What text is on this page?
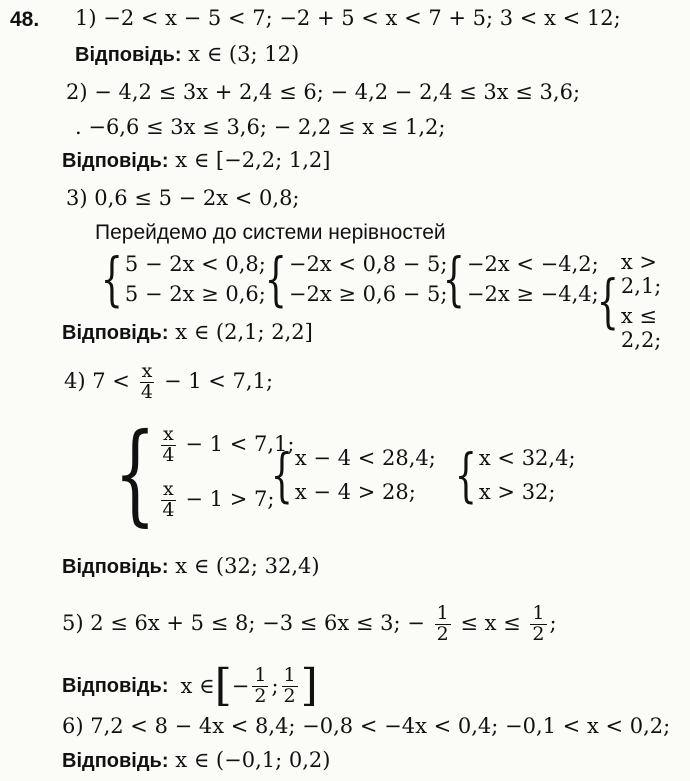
48. 1) −2 < x − 5 < 7; −2 + 5 < x < 7 + 5; 3 < x < 12;
Відповідь: x ∈ (3; 12)
2) − 4,2 ≤ 3x + 2,4 ≤ 6; − 4,2 − 2,4 ≤ 3x ≤ 3,6;
. −6,6 ≤ 3x ≤ 3,6; − 2,2 ≤ x ≤ 1,2;
Відповідь: x ∈ [−2,2; 1,2]
3) 0,6 ≤ 5 − 2x < 0,8;
Перейдемо до системи нерівностей
{ 5 − 2x < 0,8;
5 − 2x ≥ 0,6;
{ −2x < 0,8 − 5;
−2x ≥ 0,6 − 5;
{ −2x < −4,2;
−2x ≥ −4,4;
{
x > 2,1;
x ≤ 2,2;
Відповідь: x ∈ (2,1; 2,2]
4) $7 < \frac{x}{4} - 1 < 7,1$;
{ $\frac{x}{4} - 1 < 7,1$;
$\frac{x}{4} - 1 > 7$;
{ x − 4 < 28,4;
x − 4 > 28; { x < 32,4;
x > 32;
Відповідь: x ∈ (32; 32,4)
5) 2 ≤ 6x + 5 ≤ 8; −3 ≤ 6x ≤ 3; − $\frac{1}{2} \le x \le \frac{1}{2}$ ;
Відповідь: x ∈ [ − $\frac{1}{2}$ ; $\frac{1}{2}$ ]
6) 7,2 < 8 − 4x < 8,4; −0,8 < −4x < 0,4; −0,1 < x < 0,2;
Відповідь: x ∈ (−0,1; 0,2)
